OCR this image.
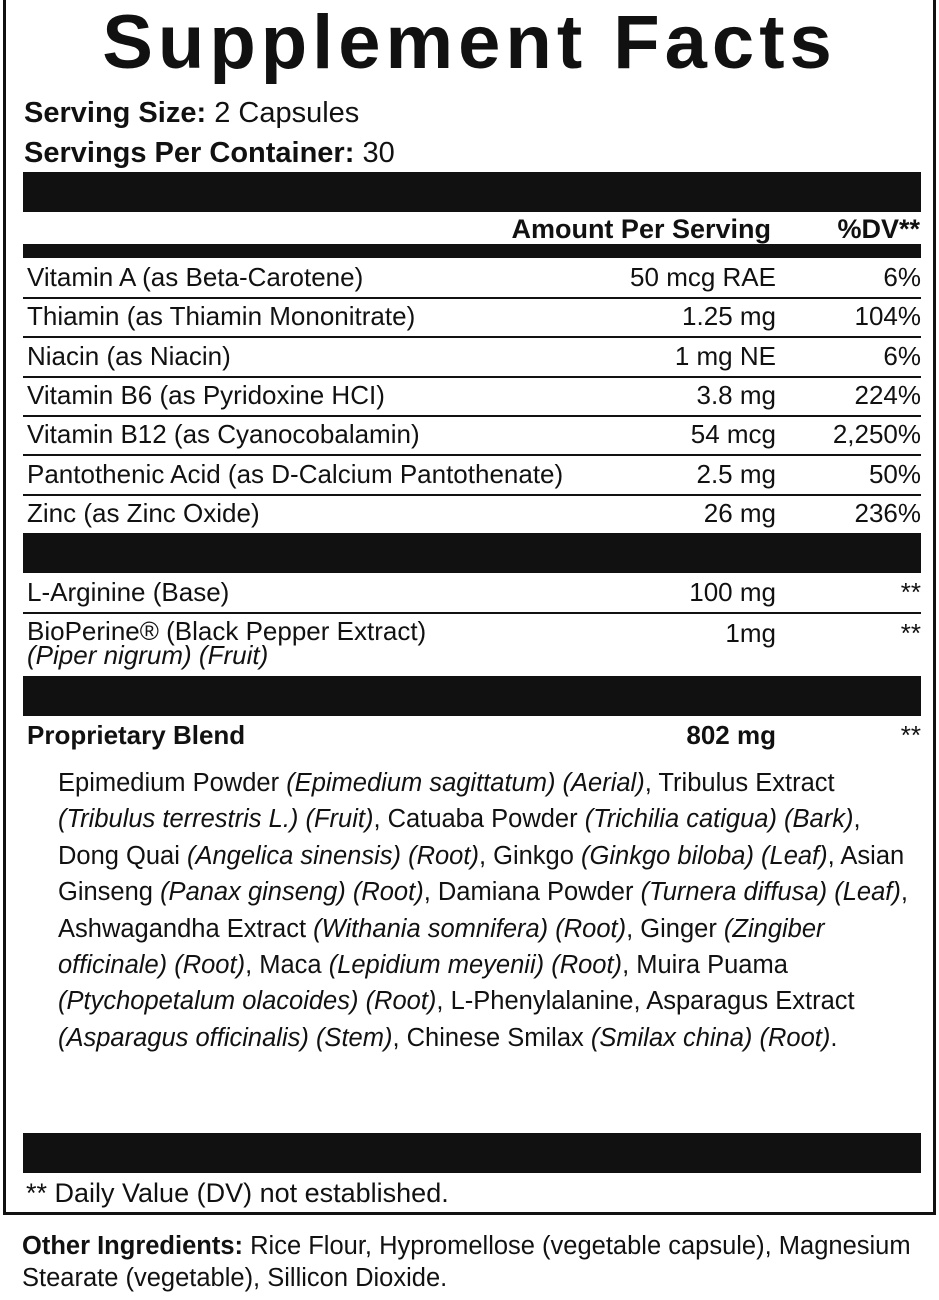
Supplement Facts
Serving Size: 2 Capsules
Servings Per Container: 30
Amount Per Serving %DV**
Vitamin A (as Beta-Carotene)	50 mcg RAE	6%
Thiamin (as Thiamin Mononitrate)	1.25 mg	104%
Niacin (as Niacin)	1 mg NE	6%
Vitamin B6 (as Pyridoxine HCI)	3.8 mg	224%
Vitamin B12 (as Cyanocobalamin)	54 mcg 2,250%
Pantothenic Acid (as D-Calcium Pantothenate)	2.5 mg	50%
Zinc (as Zinc Oxide)	26 mg	236%
L-Arginine (Base)	100 mg	**
BioPerine® (Black Pepper Extract)
(Piper nigrum) (Fruit)
1mg	**
Proprietary Blend	802 mg	**

Epimedium Powder (Epimedium sagittatum) (Aerial), Tribulus Extract (Tribulus terrestris L.) (Fruit), Catuaba Powder (Trichilia catigua) (Bark), Dong Quai (Angelica sinensis) (Root), Ginkgo (Ginkgo biloba) (Leaf), Asian Ginseng (Panax ginseng) (Root), Damiana Powder (Turnera diffusa) (Leaf), Ashwagandha Extract (Withania somnifera) (Root), Ginger (Zingiber officinale) (Root), Maca (Lepidium meyenii) (Root), Muira Puama (Ptychopetalum olacoides) (Root), L-Phenylalanine, Asparagus Extract (Asparagus officinalis) (Stem), Chinese Smilax (Smilax china) (Root).

** Daily Value (DV) not established.

Other Ingredients: Rice Flour, Hypromellose (vegetable capsule), Magnesium Stearate (vegetable), Sillicon Dioxide.
